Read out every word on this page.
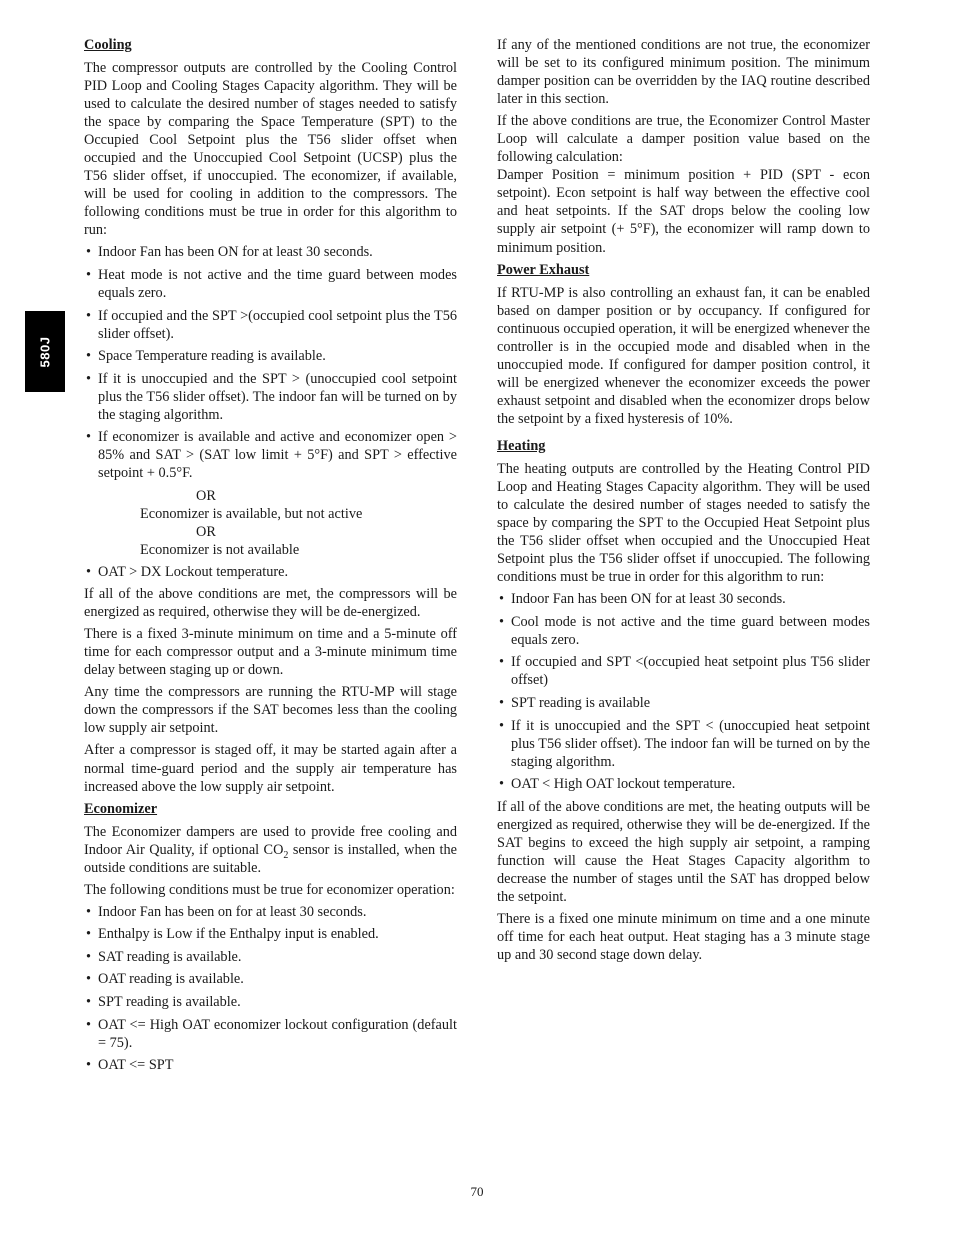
580J
Cooling

The compressor outputs are controlled by the Cooling Control PID Loop and Cooling Stages Capacity algorithm. They will be used to calculate the desired number of stages needed to satisfy the space by comparing the Space Temperature (SPT) to the Occupied Cool Setpoint plus the T56 slider offset when occupied and the Unoccupied Cool Setpoint (UCSP) plus the T56 slider offset, if unoccupied. The economizer, if available, will be used for cooling in addition to the compressors. The following conditions must be true in order for this algorithm to run:

• Indoor Fan has been ON for at least 30 seconds.
• Heat mode is not active and the time guard between modes equals zero.
• If occupied and the SPT >(occupied cool setpoint plus the T56 slider offset).
• Space Temperature reading is available.
• If it is unoccupied and the SPT > (unoccupied cool setpoint plus the T56 slider offset). The indoor fan will be turned on by the staging algorithm.
• If economizer is available and active and economizer open > 85% and SAT > (SAT low limit + 5°F) and SPT > effective setpoint + 0.5°F.
OR
Economizer is available, but not active
OR
Economizer is not available
• OAT > DX Lockout temperature.

If all of the above conditions are met, the compressors will be energized as required, otherwise they will be de-energized.

There is a fixed 3-minute minimum on time and a 5-minute off time for each compressor output and a 3-minute minimum time delay between staging up or down.

Any time the compressors are running the RTU-MP will stage down the compressors if the SAT becomes less than the cooling low supply air setpoint.

After a compressor is staged off, it may be started again after a normal time-guard period and the supply air temperature has increased above the low supply air setpoint.

Economizer

The Economizer dampers are used to provide free cooling and Indoor Air Quality, if optional $CO_2$ sensor is installed, when the outside conditions are suitable.

The following conditions must be true for economizer operation:

• Indoor Fan has been on for at least 30 seconds.
• Enthalpy is Low if the Enthalpy input is enabled.
• SAT reading is available.
• OAT reading is available.
• SPT reading is available.
• OAT <= High OAT economizer lockout configuration (default = 75).
• OAT <= SPT

If any of the mentioned conditions are not true, the economizer will be set to its configured minimum position. The minimum damper position can be overridden by the IAQ routine described later in this section.

If the above conditions are true, the Economizer Control Master Loop will calculate a damper position value based on the following calculation:

Damper Position = minimum position + PID (SPT - econ setpoint). Econ setpoint is half way between the effective cool and heat setpoints. If the SAT drops below the cooling low supply air setpoint (+ 5°F), the economizer will ramp down to minimum position.

Power Exhaust

If RTU-MP is also controlling an exhaust fan, it can be enabled based on damper position or by occupancy. If configured for continuous occupied operation, it will be energized whenever the controller is in the occupied mode and disabled when in the unoccupied mode. If configured for damper position control, it will be energized whenever the economizer exceeds the power exhaust setpoint and disabled when the economizer drops below the setpoint by a fixed hysteresis of 10%.

Heating

The heating outputs are controlled by the Heating Control PID Loop and Heating Stages Capacity algorithm. They will be used to calculate the desired number of stages needed to satisfy the space by comparing the SPT to the Occupied Heat Setpoint plus the T56 slider offset when occupied and the Unoccupied Heat Setpoint plus the T56 slider offset if unoccupied. The following conditions must be true in order for this algorithm to run:

• Indoor Fan has been ON for at least 30 seconds.
• Cool mode is not active and the time guard between modes equals zero.
• If occupied and SPT <(occupied heat setpoint plus T56 slider offset)
• SPT reading is available
• If it is unoccupied and the SPT < (unoccupied heat setpoint plus T56 slider offset). The indoor fan will be turned on by the staging algorithm.
• OAT < High OAT lockout temperature.

If all of the above conditions are met, the heating outputs will be energized as required, otherwise they will be de-energized. If the SAT begins to exceed the high supply air setpoint, a ramping function will cause the Heat Stages Capacity algorithm to decrease the number of stages until the SAT has dropped below the setpoint.

There is a fixed one minute minimum on time and a one minute off time for each heat output. Heat staging has a 3 minute stage up and 30 second stage down delay.

70
